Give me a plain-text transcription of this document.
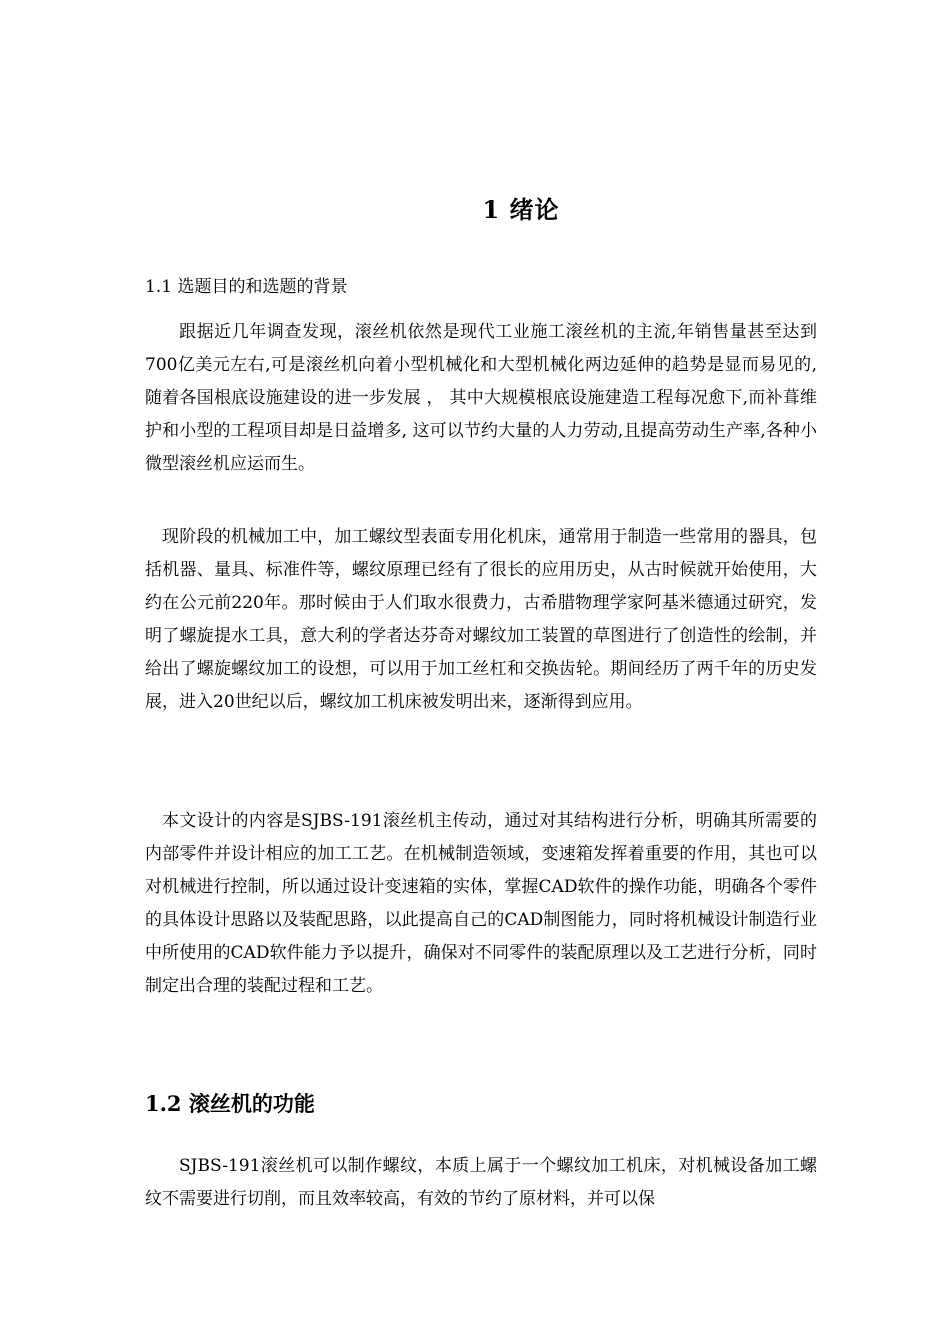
1 绪论

1.1 选题目的和选题的背景

跟据近几年调查发现，滚丝机依然是现代工业施工滚丝机的主流,年销售量甚至达到700亿美元左右,可是滚丝机向着小型机械化和大型机械化两边延伸的趋势是显而易见的,随着各国根底设施建设的进一步发展 ， 其中大规模根底设施建造工程每况愈下,而补葺维护和小型的工程项目却是日益增多, 这可以节约大量的人力劳动,且提高劳动生产率,各种小微型滚丝机应运而生。

现阶段的机械加工中，加工螺纹型表面专用化机床，通常用于制造一些常用的器具，包括机器、量具、标准件等，螺纹原理已经有了很长的应用历史，从古时候就开始使用，大约在公元前220年。那时候由于人们取水很费力，古希腊物理学家阿基米德通过研究，发明了螺旋提水工具，意大利的学者达芬奇对螺纹加工装置的草图进行了创造性的绘制，并给出了螺旋螺纹加工的设想，可以用于加工丝杠和交换齿轮。期间经历了两千年的历史发展，进入20世纪以后，螺纹加工机床被发明出来，逐渐得到应用。

本文设计的内容是SJBS-191滚丝机主传动，通过对其结构进行分析，明确其所需要的内部零件并设计相应的加工工艺。在机械制造领域，变速箱发挥着重要的作用，其也可以对机械进行控制，所以通过设计变速箱的实体，掌握CAD软件的操作功能，明确各个零件的具体设计思路以及装配思路，以此提高自己的CAD制图能力，同时将机械设计制造行业中所使用的CAD软件能力予以提升，确保对不同零件的装配原理以及工艺进行分析，同时制定出合理的装配过程和工艺。

1.2 滚丝机的功能

SJBS-191滚丝机可以制作螺纹，本质上属于一个螺纹加工机床，对机械设备加工螺纹不需要进行切削，而且效率较高，有效的节约了原材料，并可以保
